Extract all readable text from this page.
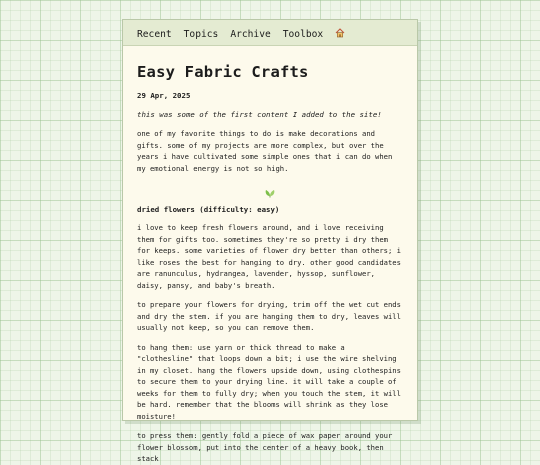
Recent Topics Archive Toolbox
Easy Fabric Crafts
29 Apr, 2025
this was some of the first content I added to the site!

one of my favorite things to do is make decorations and gifts. some of my projects are more complex, but over the years i have cultivated some simple ones that i can do when my emotional energy is not so high.

dried flowers (difficulty: easy)

i love to keep fresh flowers around, and i love receiving them for gifts too. sometimes they're so pretty i dry them for keeps. some varieties of flower dry better than others; i like roses the best for hanging to dry. other good candidates are ranunculus, hydrangea, lavender, hyssop, sunflower, daisy, pansy, and baby's breath.

to prepare your flowers for drying, trim off the wet cut ends and dry the stem. if you are hanging them to dry, leaves will usually not keep, so you can remove them.

to hang them: use yarn or thick thread to make a "clothesline" that loops down a bit; i use the wire shelving in my closet. hang the flowers upside down, using clothespins to secure them to your drying line. it will take a couple of weeks for them to fully dry; when you touch the stem, it will be hard. remember that the blooms will shrink as they lose moisture!

to press them: gently fold a piece of wax paper around your flower blossom, put into the center of a heavy book, then stack
